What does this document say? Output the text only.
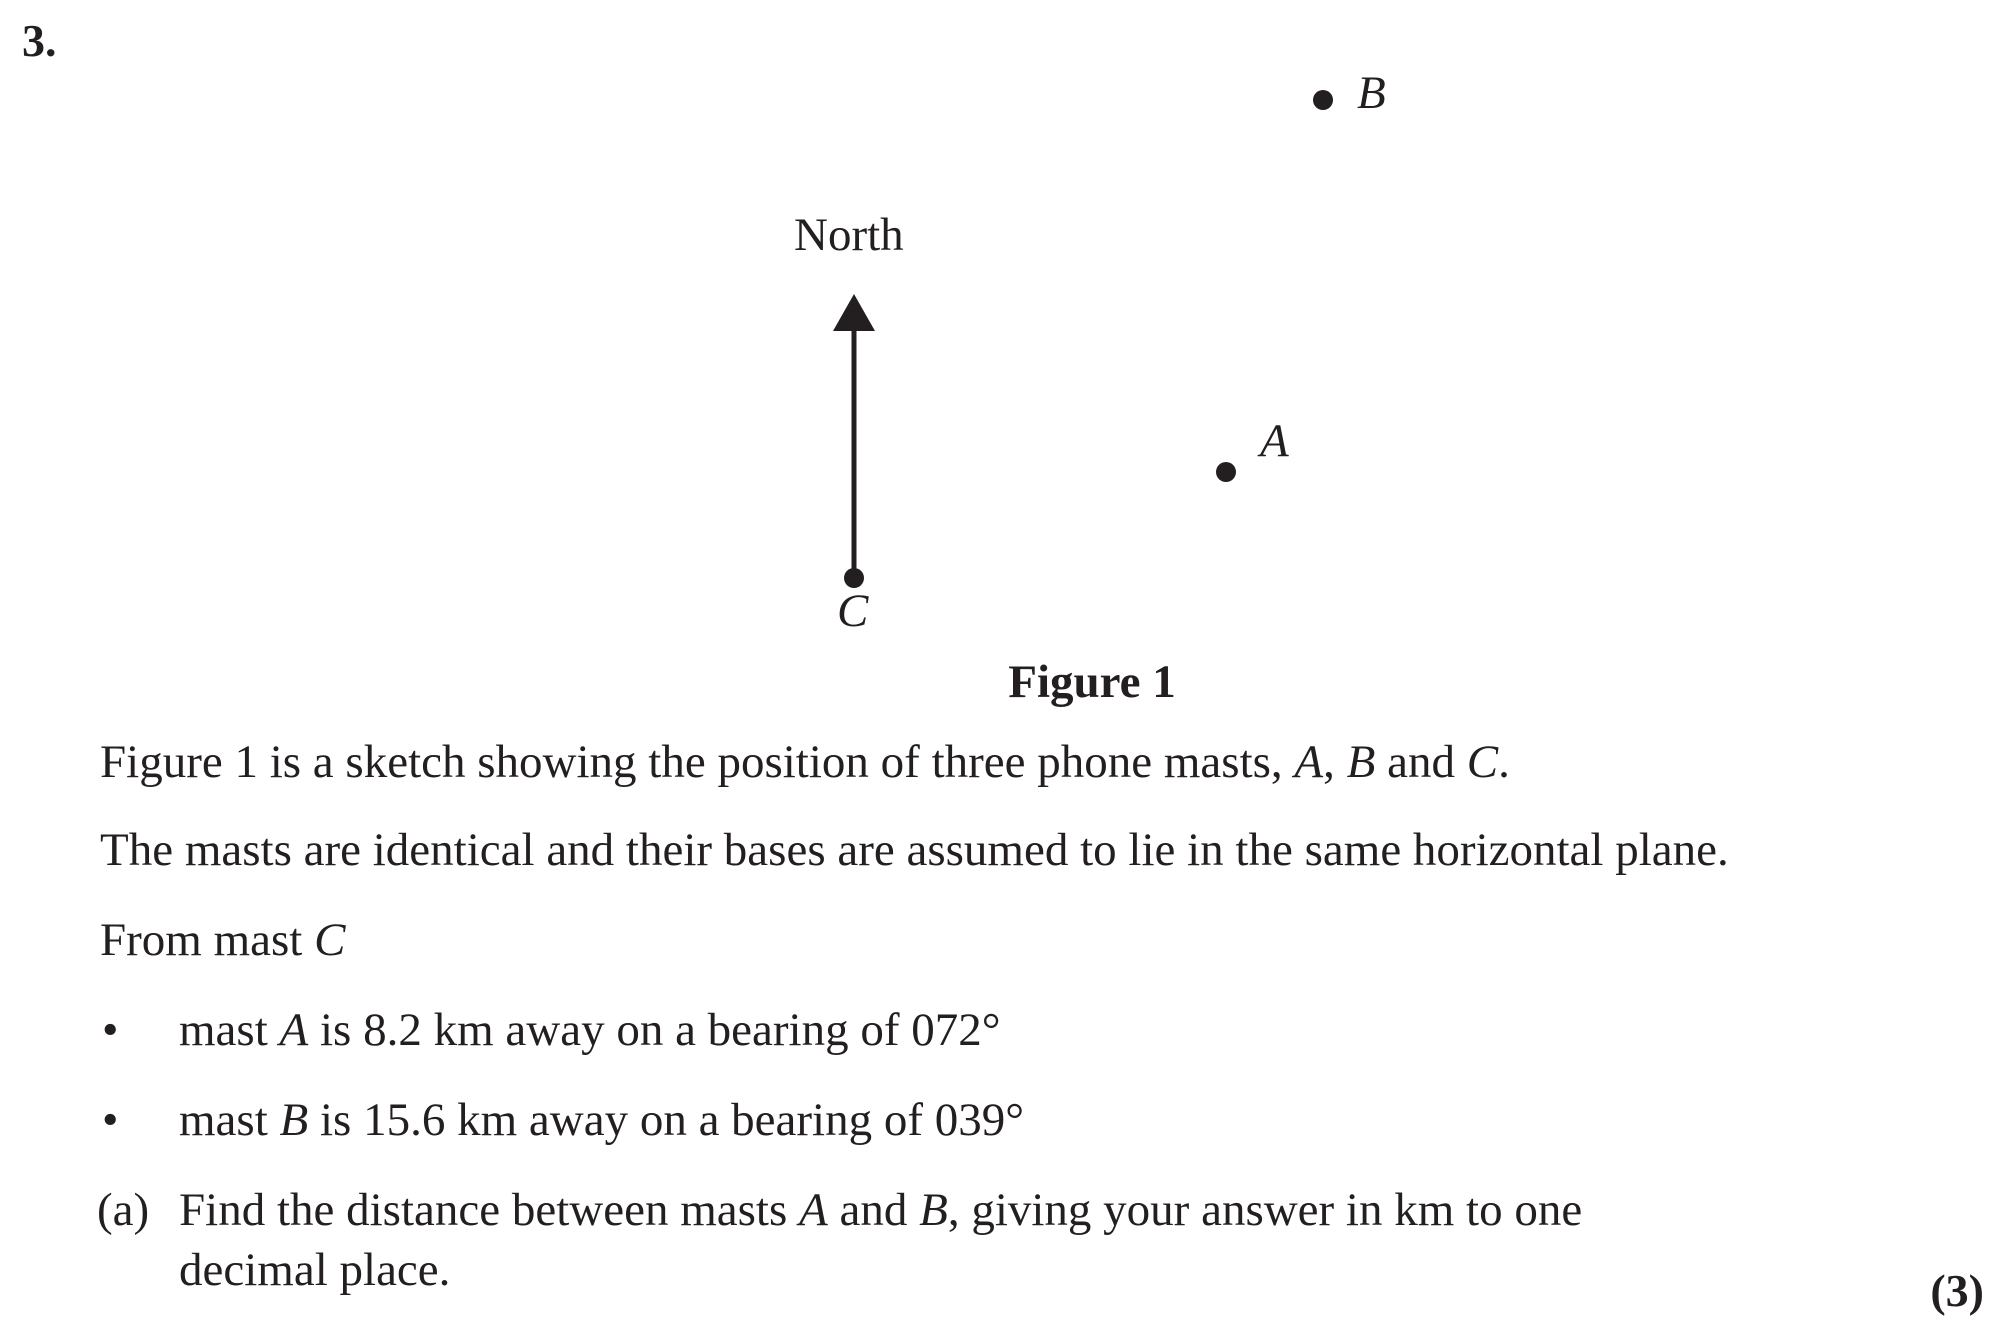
3.
North
B
A
C
Figure 1
Figure 1 is a sketch showing the position of three phone masts, A, B and C.
The masts are identical and their bases are assumed to lie in the same horizontal plane.
From mast C
• mast A is 8.2 km away on a bearing of 072°
• mast B is 15.6 km away on a bearing of 039°
(a) Find the distance between masts A and B, giving your answer in km to one
decimal place.	(3)
